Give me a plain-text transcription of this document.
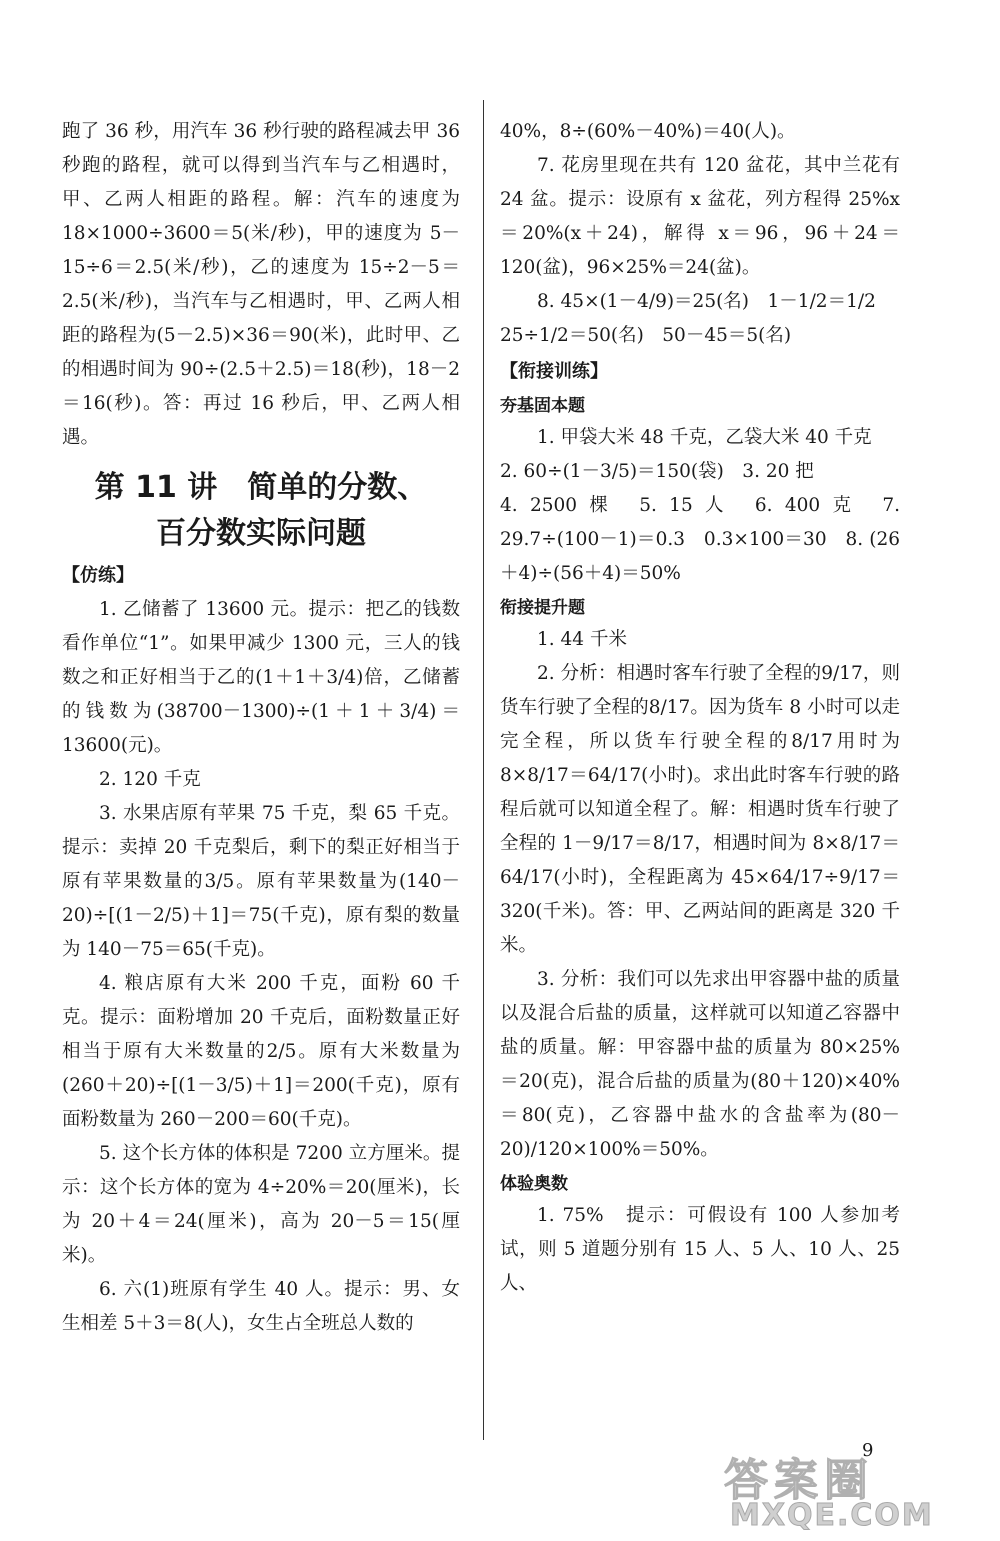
跑了 36 秒，用汽车 36 秒行驶的路程减去甲 36 秒跑的路程，就可以得到当汽车与乙相遇时，甲、乙两人相距的路程。解：汽车的速度为 18×1000÷3600＝5(米/秒)，甲的速度为 5－15÷6＝2.5(米/秒)，乙的速度为 15÷2－5＝2.5(米/秒)，当汽车与乙相遇时，甲、乙两人相距的路程为(5－2.5)×36＝90(米)，此时甲、乙的相遇时间为 90÷(2.5＋2.5)＝18(秒)，18－2＝16(秒)。答：再过 16 秒后，甲、乙两人相遇。

第 11 讲　简单的分数、

百分数实际问题

【仿练】

1. 乙储蓄了 13600 元。提示：把乙的钱数看作单位“1”。如果甲减少 1300 元，三人的钱数之和正好相当于乙的(1＋1＋3/4)倍，乙储蓄的钱数为(38700－1300)÷(1＋1＋3/4)＝13600(元)。

2. 120 千克

3. 水果店原有苹果 75 千克，梨 65 千克。提示：卖掉 20 千克梨后，剩下的梨正好相当于原有苹果数量的3/5。原有苹果数量为(140－20)÷[(1－2/5)＋1]＝75(千克)，原有梨的数量为 140－75＝65(千克)。

4. 粮店原有大米 200 千克，面粉 60 千克。提示：面粉增加 20 千克后，面粉数量正好相当于原有大米数量的2/5。原有大米数量为(260＋20)÷[(1－3/5)＋1]＝200(千克)，原有面粉数量为 260－200＝60(千克)。

5. 这个长方体的体积是 7200 立方厘米。提示：这个长方体的宽为 4÷20%＝20(厘米)，长为 20＋4＝24(厘米)，高为 20－5＝15(厘米)。

6. 六(1)班原有学生 40 人。提示：男、女生相差 5＋3＝8(人)，女生占全班总人数的

40%，8÷(60%－40%)＝40(人)。

7. 花房里现在共有 120 盆花，其中兰花有 24 盆。提示：设原有 x 盆花，列方程得 25%x＝20%(x＋24)，解得 x＝96，96＋24＝120(盆)，96×25%＝24(盆)。

8. 45×(1－4/9)＝25(名)　1－1/2＝1/2

25÷1/2＝50(名)　50－45＝5(名)

【衔接训练】

夯基固本题

1. 甲袋大米 48 千克，乙袋大米 40 千克

2. 60÷(1－3/5)＝150(袋)　3. 20 把

4. 2500 棵　5. 15 人　6. 400 克　7. 29.7÷(100－1)＝0.3　0.3×100＝30　8. (26＋4)÷(56＋4)＝50%

衔接提升题

1. 44 千米

2. 分析：相遇时客车行驶了全程的9/17，则货车行驶了全程的8/17。因为货车 8 小时可以走完全程，所以货车行驶全程的8/17用时为 8×8/17＝64/17(小时)。求出此时客车行驶的路程后就可以知道全程了。解：相遇时货车行驶了全程的 1－9/17＝8/17，相遇时间为 8×8/17＝64/17(小时)，全程距离为 45×64/17÷9/17＝320(千米)。答：甲、乙两站间的距离是 320 千米。

3. 分析：我们可以先求出甲容器中盐的质量以及混合后盐的质量，这样就可以知道乙容器中盐的质量。解：甲容器中盐的质量为 80×25%＝20(克)，混合后盐的质量为(80＋120)×40%＝80(克)，乙容器中盐水的含盐率为(80－20)/120×100%＝50%。

体验奥数

1. 75%　提示：可假设有 100 人参加考试，则 5 道题分别有 15 人、5 人、10 人、25 人、

9
答案圈
MXQE.COM
